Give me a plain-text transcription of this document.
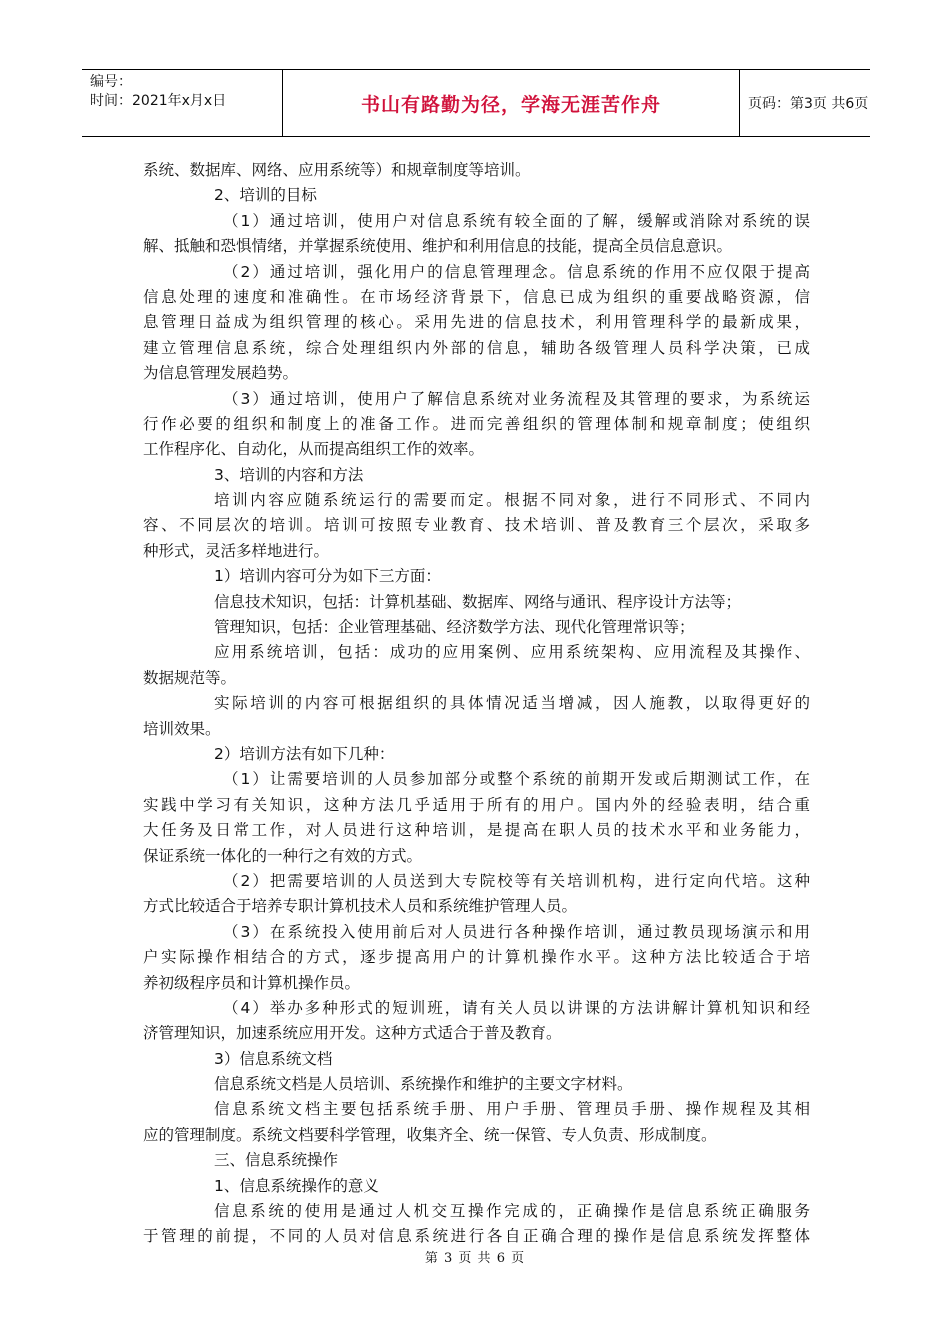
编号：
时间：2021年x月x日	书山有路勤为径，学海无涯苦作舟	页码：第3页 共6页
系统、数据库、网络、应用系统等）和规章制度等培训。
2、培训的目标
（1）通过培训，使用户对信息系统有较全面的了解，缓解或消除对系统的误
解、抵触和恐惧情绪，并掌握系统使用、维护和利用信息的技能，提高全员信息意识。
（2）通过培训，强化用户的信息管理理念。信息系统的作用不应仅限于提高
信息处理的速度和准确性。在市场经济背景下，信息已成为组织的重要战略资源，信
息管理日益成为组织管理的核心。采用先进的信息技术，利用管理科学的最新成果，
建立管理信息系统，综合处理组织内外部的信息，辅助各级管理人员科学决策，已成
为信息管理发展趋势。
（3）通过培训，使用户了解信息系统对业务流程及其管理的要求，为系统运
行作必要的组织和制度上的准备工作。进而完善组织的管理体制和规章制度；使组织
工作程序化、自动化，从而提高组织工作的效率。
3、培训的内容和方法
培训内容应随系统运行的需要而定。根据不同对象，进行不同形式、不同内
容、不同层次的培训。培训可按照专业教育、技术培训、普及教育三个层次，采取多
种形式，灵活多样地进行。
1）培训内容可分为如下三方面：
信息技术知识，包括：计算机基础、数据库、网络与通讯、程序设计方法等；
管理知识，包括：企业管理基础、经济数学方法、现代化管理常识等；
应用系统培训，包括：成功的应用案例、应用系统架构、应用流程及其操作、
数据规范等。
实际培训的内容可根据组织的具体情况适当增减，因人施教，以取得更好的
培训效果。
2）培训方法有如下几种：
（1）让需要培训的人员参加部分或整个系统的前期开发或后期测试工作，在
实践中学习有关知识，这种方法几乎适用于所有的用户。国内外的经验表明，结合重
大任务及日常工作，对人员进行这种培训，是提高在职人员的技术水平和业务能力，
保证系统一体化的一种行之有效的方式。
（2）把需要培训的人员送到大专院校等有关培训机构，进行定向代培。这种
方式比较适合于培养专职计算机技术人员和系统维护管理人员。
（3）在系统投入使用前后对人员进行各种操作培训，通过教员现场演示和用
户实际操作相结合的方式，逐步提高用户的计算机操作水平。这种方法比较适合于培
养初级程序员和计算机操作员。
（4）举办多种形式的短训班，请有关人员以讲课的方法讲解计算机知识和经
济管理知识，加速系统应用开发。这种方式适合于普及教育。
3）信息系统文档
信息系统文档是人员培训、系统操作和维护的主要文字材料。
信息系统文档主要包括系统手册、用户手册、管理员手册、操作规程及其相
应的管理制度。系统文档要科学管理，收集齐全、统一保管、专人负责、形成制度。
三、信息系统操作
1、信息系统操作的意义
信息系统的使用是通过人机交互操作完成的，正确操作是信息系统正确服务
于管理的前提，不同的人员对信息系统进行各自正确合理的操作是信息系统发挥整体
第 3 页 共 6 页
